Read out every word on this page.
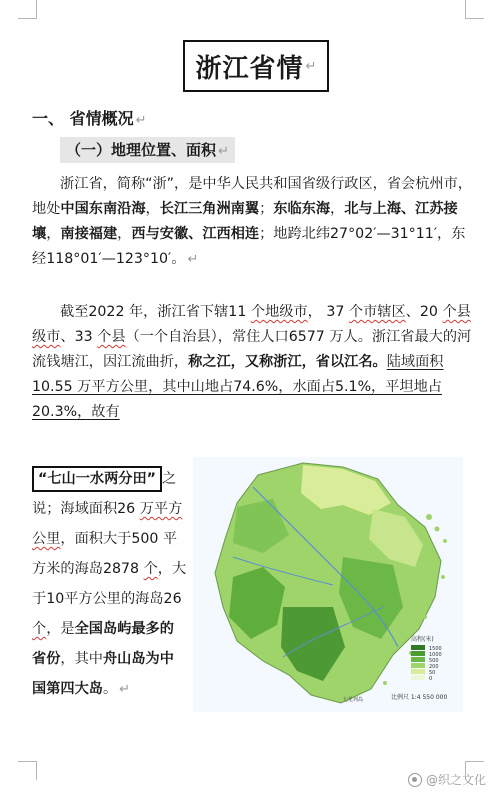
浙江省情 ↵
一、 省情概况 ↵
（一）地理位置、面积 ↵
浙江省，简称“浙”，是中华人民共和国省级行政区，省会杭州市，地处中国东南沿海，长江三角洲南翼；东临东海，北与上海、江苏接壤，南接福建，西与安徽、江西相连；地跨北纬27°02′—31°11′，东经118°01′—123°10′。 ↵
截至2022 年，浙江省下辖11 个地级市， 37 个市辖区、20 个县级市、33 个县（一个自治县），常住人口6577 万人。浙江省最大的河流钱塘江，因江流曲折，称之江，又称浙江，省以江名。陆域面积10.55 万平方公里，其中山地占74.6%，水面占5.1%，平坦地占20.3%，故有
“七山一水两分田” 之说；海域面积26 万平方公里，面积大于500 平方米的海岛2878 个，大于10平方公里的海岛26 个，是全国岛屿最多的省份，其中舟山岛为中国第四大岛。 ↵
高程(米)
1500
1000
500
200
50
0
比例尺 1:4 550 000
七星列岛
@织之文化
